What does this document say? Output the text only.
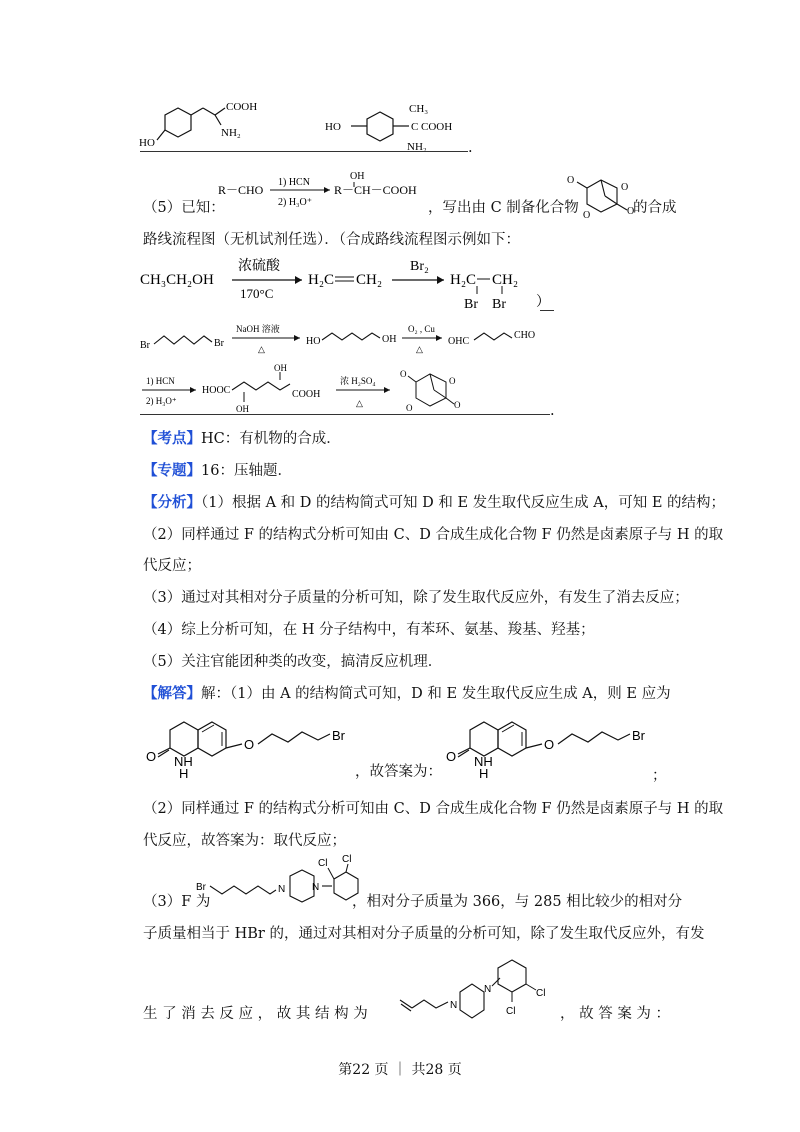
HO
COOH
NH₂	HO
CH₃
C COOH
NH₂	.
（5）已知：
R－CHO
1) HCN
2) H₃O⁺
OH
R－CH－COOH
，写出由 C 制备化合物
O
O
O	O
的合成
路线流程图（无机试剂任选）．（合成路线流程图示例如下：
CH₃CH₂OH
浓硫酸
170°C
H₂C CH₂
Br₂
H₂C CH₂
Br Br ）
Br	Br
NaOH 溶液
△
HO	OH
O₂ , Cu
△
OHC
CHO
1) HCN
2) H₃O⁺
HOOC
OH
OH
COOH
浓 H₂SO₄
△
O
O
O	O	.
【考点】HC：有机物的合成．
【专题】16：压轴题．
【分析】（1）根据 A 和 D 的结构简式可知 D 和 E 发生取代反应生成 A，可知 E 的结构；
（2）同样通过 F 的结构式分析可知由 C、D 合成生成化合物 F 仍然是卤素原子与 H 的取
代反应；
（3）通过对其相对分子质量的分析可知，除了发生取代反应外，有发生了消去反应；
（4）综上分析可知，在 H 分子结构中，有苯环、氨基、羧基、羟基；
（5）关注官能团种类的改变，搞清反应机理．
【解答】解：（1）由 A 的结构简式可知，D 和 E 发生取代反应生成 A，则 E 应为
O NH
H
O
Br
，故答案为：
O NH
H
O
Br
；
（2）同样通过 F 的结构式分析可知由 C、D 合成生成化合物 F 仍然是卤素原子与 H 的取
代反应，故答案为：取代反应；
（3）F 为
Br	N	N
Cl Cl
，相对分子质量为 366，与 285 相比较少的相对分
子质量相当于 HBr 的，通过对其相对分子质量的分析可知，除了发生取代反应外，有发
生 了 消 去 反 应 ， 故 其 结 构 为
N
N	Cl
Cl	， 故 答 案 为 ：
第22 页 ｜ 共28 页
